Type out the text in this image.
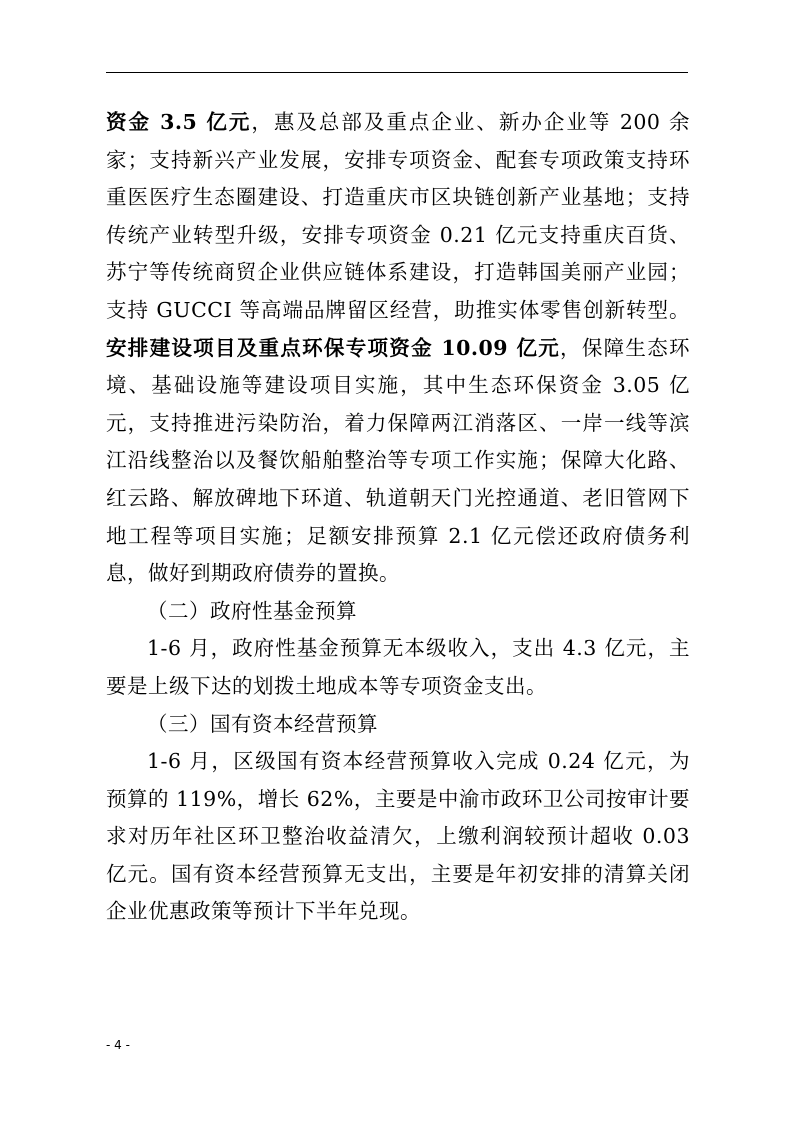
资金 3.5 亿元，惠及总部及重点企业、新办企业等 200 余家；支持新兴产业发展，安排专项资金、配套专项政策支持环重医医疗生态圈建设、打造重庆市区块链创新产业基地；支持传统产业转型升级，安排专项资金 0.21 亿元支持重庆百货、苏宁等传统商贸企业供应链体系建设，打造韩国美丽产业园；支持 GUCCI 等高端品牌留区经营，助推实体零售创新转型。安排建设项目及重点环保专项资金 10.09 亿元，保障生态环境、基础设施等建设项目实施，其中生态环保资金 3.05 亿元，支持推进污染防治，着力保障两江消落区、一岸一线等滨江沿线整治以及餐饮船舶整治等专项工作实施；保障大化路、红云路、解放碑地下环道、轨道朝天门光控通道、老旧管网下地工程等项目实施；足额安排预算 2.1 亿元偿还政府债务利息，做好到期政府债券的置换。

（二）政府性基金预算

1-6 月，政府性基金预算无本级收入，支出 4.3 亿元，主要是上级下达的划拨土地成本等专项资金支出。

（三）国有资本经营预算

1-6 月，区级国有资本经营预算收入完成 0.24 亿元，为预算的 119%，增长 62%，主要是中渝市政环卫公司按审计要求对历年社区环卫整治收益清欠，上缴利润较预计超收 0.03 亿元。国有资本经营预算无支出，主要是年初安排的清算关闭企业优惠政策等预计下半年兑现。

- 4 -
